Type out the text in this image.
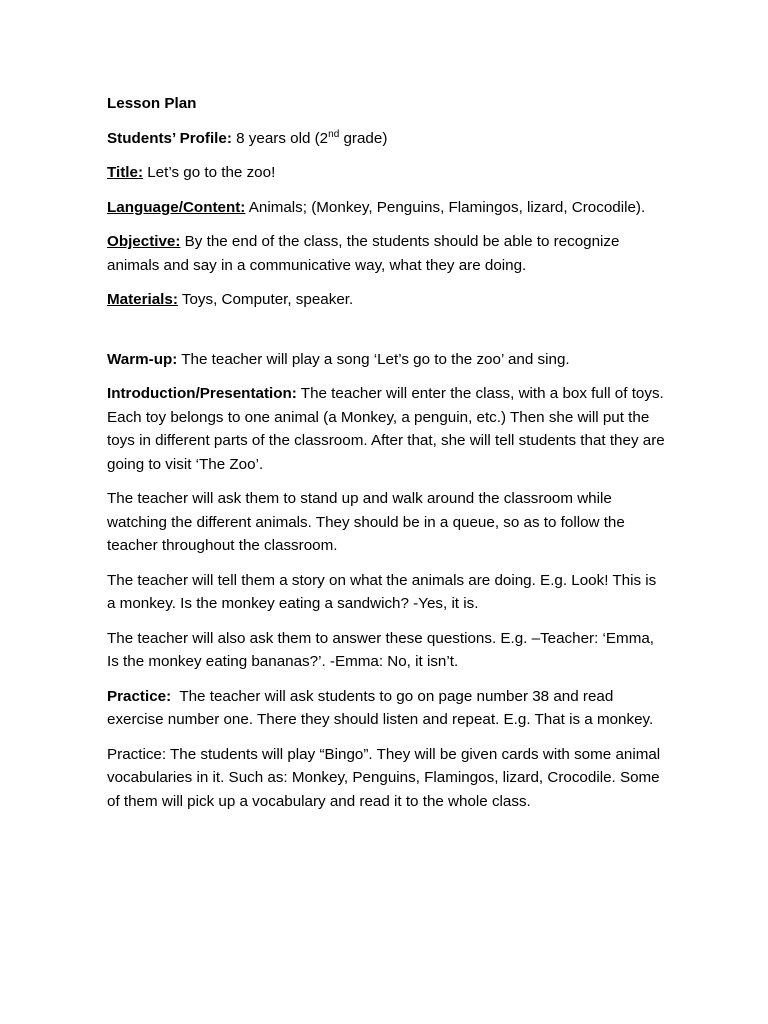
Lesson Plan

Students’ Profile: 8 years old (2nd grade)

Title: Let’s go to the zoo!

Language/Content: Animals; (Monkey, Penguins, Flamingos, lizard, Crocodile).

Objective: By the end of the class, the students should be able to recognize animals and say in a communicative way, what they are doing.

Materials: Toys, Computer, speaker.

Warm-up: The teacher will play a song ‘Let’s go to the zoo’ and sing.

Introduction/Presentation: The teacher will enter the class, with a box full of toys. Each toy belongs to one animal (a Monkey, a penguin, etc.) Then she will put the toys in different parts of the classroom. After that, she will tell students that they are going to visit ‘The Zoo’.

The teacher will ask them to stand up and walk around the classroom while watching the different animals. They should be in a queue, so as to follow the teacher throughout the classroom.

The teacher will tell them a story on what the animals are doing. E.g. Look! This is a monkey. Is the monkey eating a sandwich? -Yes, it is.

The teacher will also ask them to answer these questions. E.g. –Teacher: ‘Emma, Is the monkey eating bananas?’. -Emma: No, it isn’t.

Practice:  The teacher will ask students to go on page number 38 and read exercise number one. There they should listen and repeat. E.g. That is a monkey.

Practice: The students will play “Bingo”. They will be given cards with some animal vocabularies in it. Such as: Monkey, Penguins, Flamingos, lizard, Crocodile. Some of them will pick up a vocabulary and read it to the whole class.
